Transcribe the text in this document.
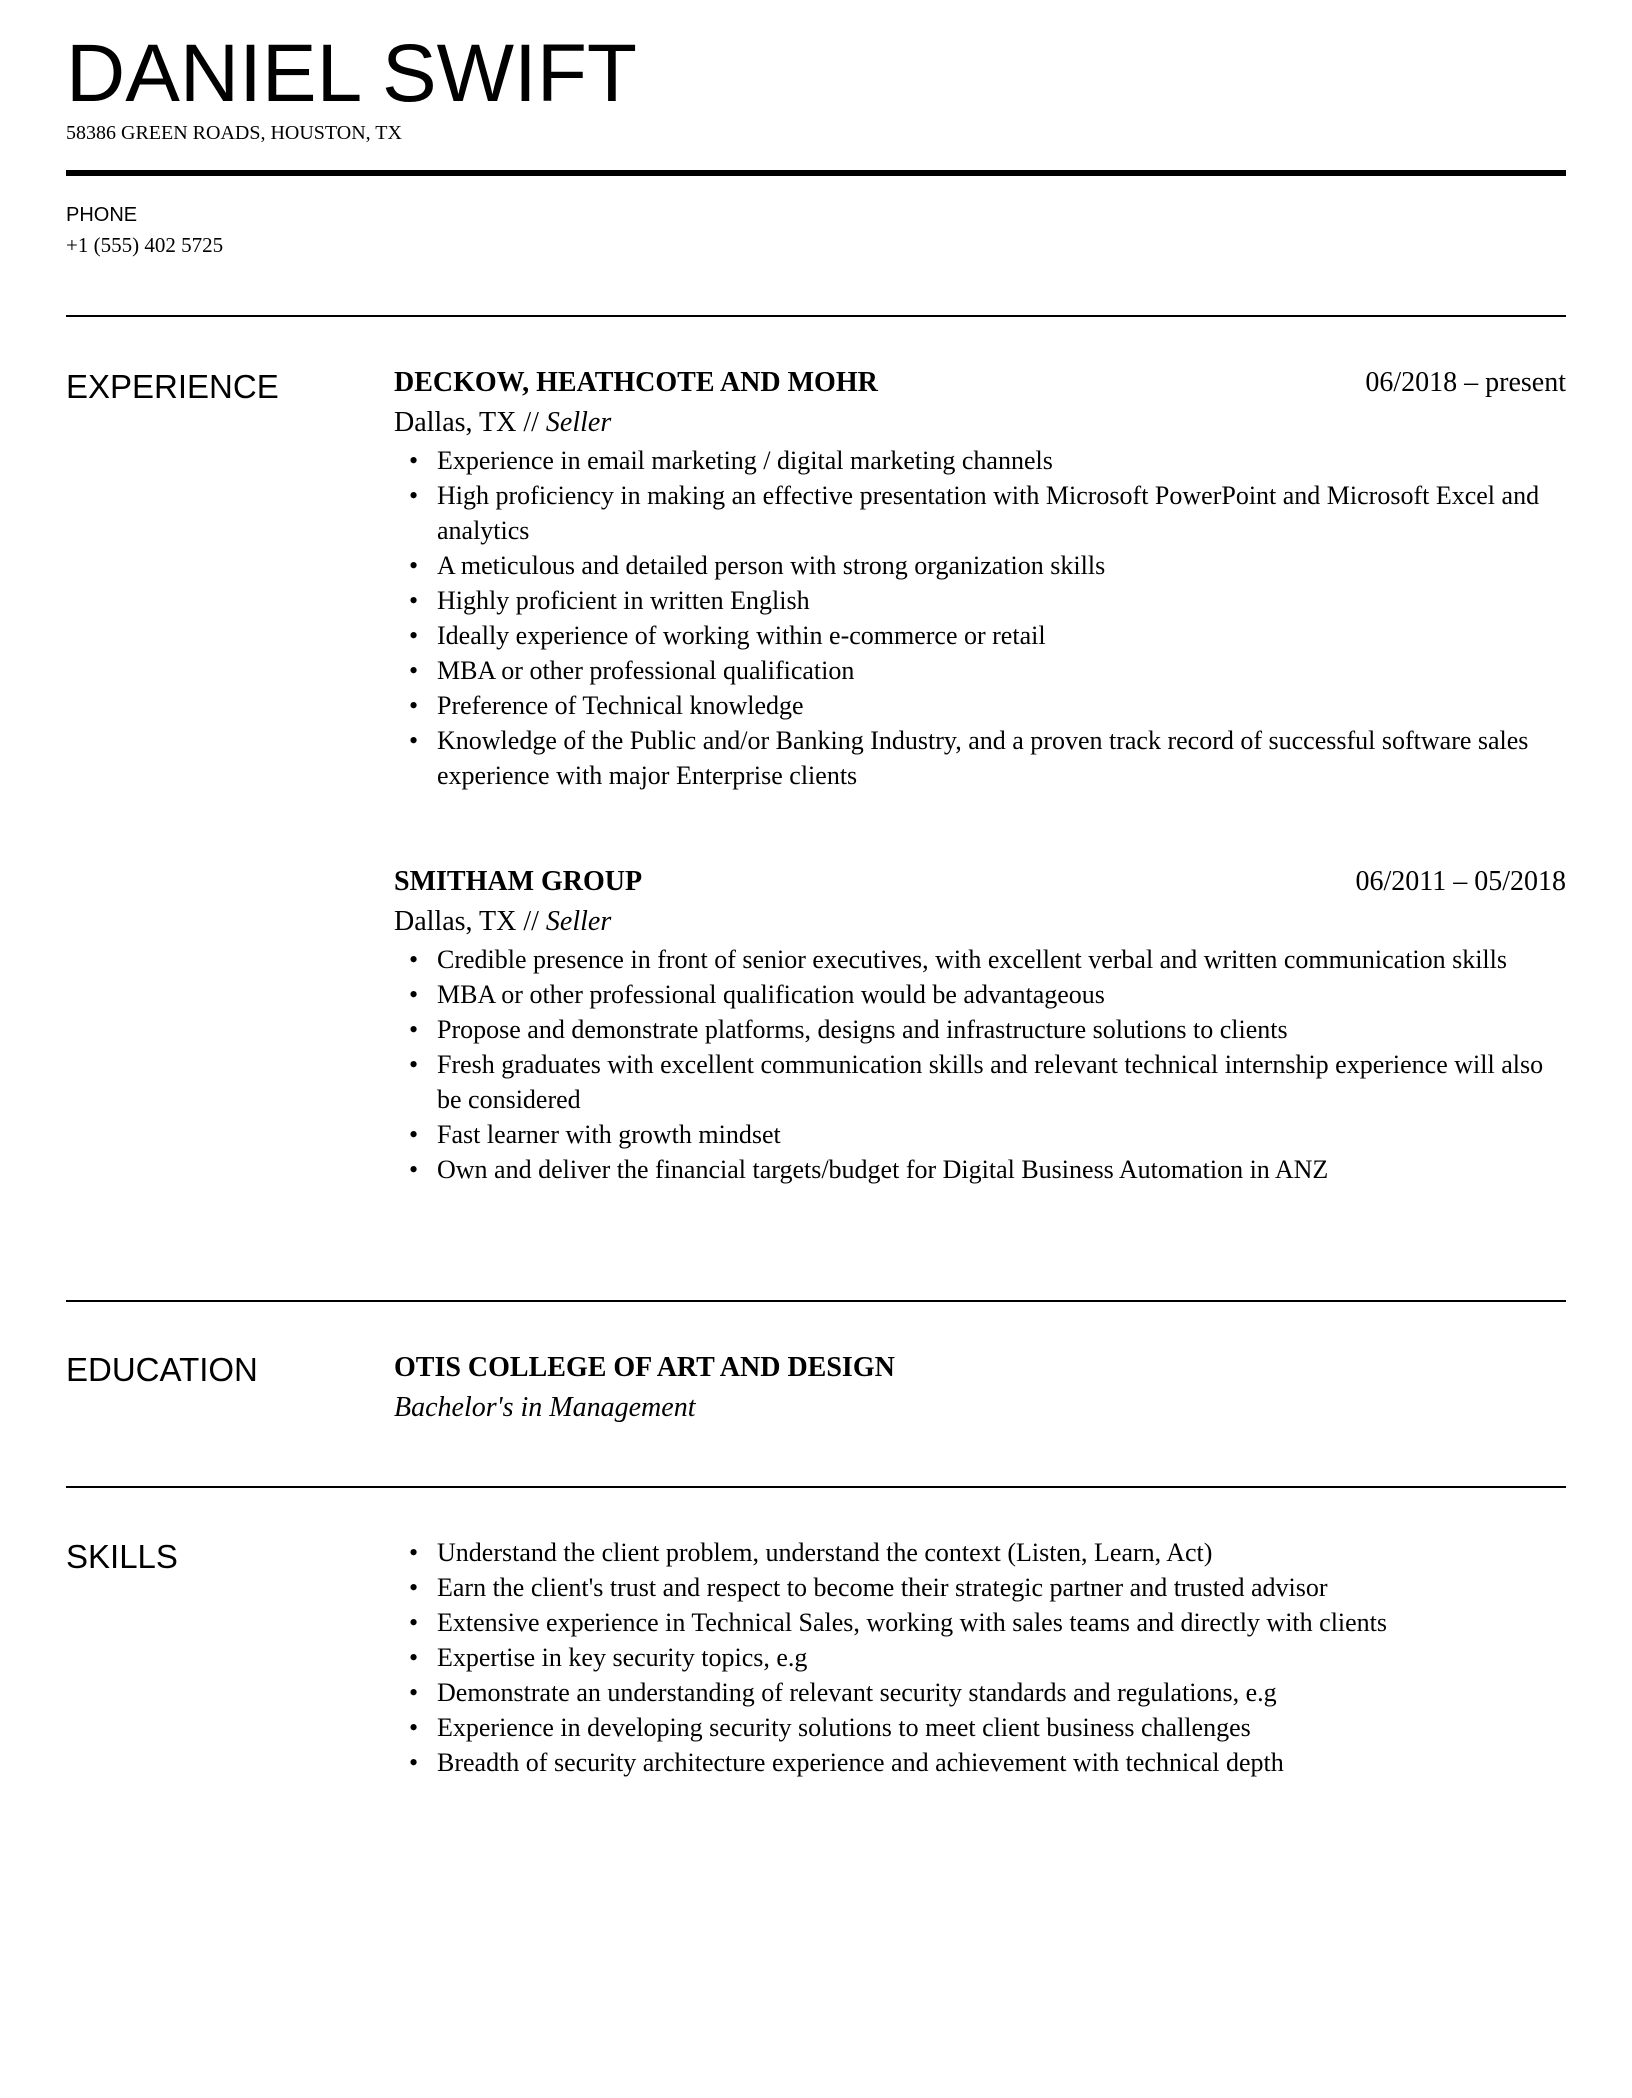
DANIEL SWIFT
58386 GREEN ROADS, HOUSTON, TX
PHONE
+1 (555) 402 5725
EXPERIENCE	DECKOW, HEATHCOTE AND MOHR	06/2018 – present
Dallas, TX // Seller
• Experience in email marketing / digital marketing channels
• High proficiency in making an effective presentation with Microsoft PowerPoint and Microsoft Excel and analytics
• A meticulous and detailed person with strong organization skills
• Highly proficient in written English
• Ideally experience of working within e-commerce or retail
• MBA or other professional qualification
• Preference of Technical knowledge
• Knowledge of the Public and/or Banking Industry, and a proven track record of successful software sales experience with major Enterprise clients
SMITHAM GROUP	06/2011 – 05/2018
Dallas, TX // Seller
• Credible presence in front of senior executives, with excellent verbal and written communication skills
• MBA or other professional qualification would be advantageous
• Propose and demonstrate platforms, designs and infrastructure solutions to clients
• Fresh graduates with excellent communication skills and relevant technical internship experience will also be considered
• Fast learner with growth mindset
• Own and deliver the financial targets/budget for Digital Business Automation in ANZ
EDUCATION	OTIS COLLEGE OF ART AND DESIGN
Bachelor's in Management
SKILLS
•	Understand the client problem, understand the context (Listen, Learn, Act)
• Earn the client's trust and respect to become their strategic partner and trusted advisor
• Extensive experience in Technical Sales, working with sales teams and directly with clients
• Expertise in key security topics, e.g
• Demonstrate an understanding of relevant security standards and regulations, e.g
• Experience in developing security solutions to meet client business challenges
• Breadth of security architecture experience and achievement with technical depth
